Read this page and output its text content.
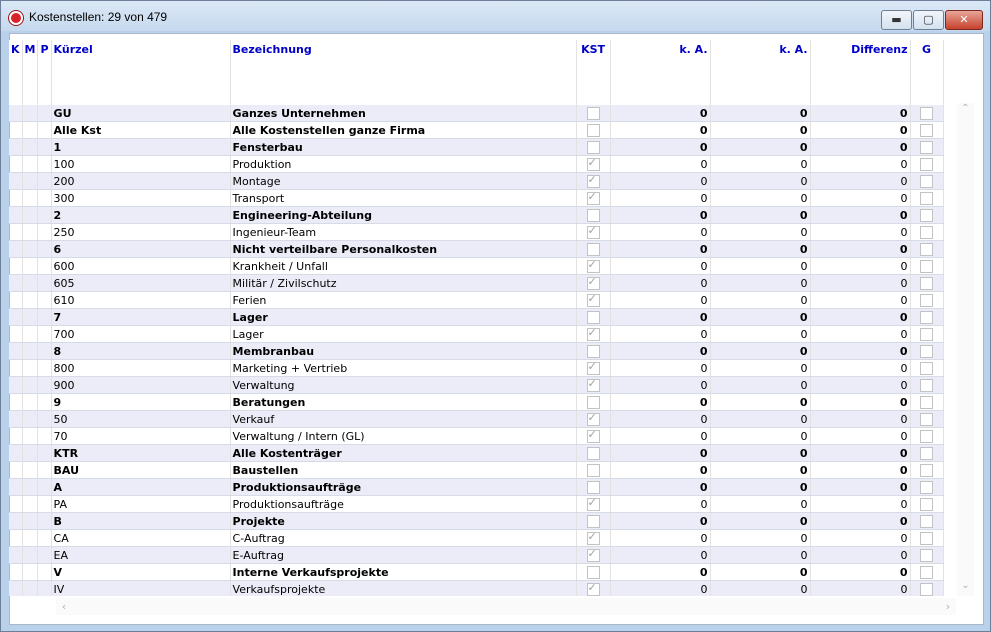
Kostenstellen: 29 von 479	▬	▢	✕
K	M	P	Kürzel	Bezeichnung	KST	k. A.	k. A.	Differenz	G
			GU	Ganzes Unternehmen		0	0	0	
			Alle Kst	Alle Kostenstellen ganze Firma		0	0	0	
			1	Fensterbau		0	0	0	
			100	Produktion	✓	0	0	0	
			200	Montage	✓	0	0	0	
			300	Transport	✓	0	0	0	
			2	Engineering-Abteilung		0	0	0	
			250	Ingenieur-Team	✓	0	0	0	
			6	Nicht verteilbare Personalkosten		0	0	0	
			600	Krankheit / Unfall	✓	0	0	0	
			605	Militär / Zivilschutz	✓	0	0	0	
			610	Ferien	✓	0	0	0	
			7	Lager		0	0	0	
			700	Lager	✓	0	0	0	
			8	Membranbau		0	0	0	
			800	Marketing + Vertrieb	✓	0	0	0	
			900	Verwaltung	✓	0	0	0	
			9	Beratungen		0	0	0	
			50	Verkauf	✓	0	0	0	
			70	Verwaltung / Intern (GL)	✓	0	0	0	
			KTR	Alle Kostenträger		0	0	0	
			BAU	Baustellen		0	0	0	
			A	Produktionsaufträge		0	0	0	
			PA	Produktionsaufträge	✓	0	0	0	
			B	Projekte		0	0	0	
			CA	C-Auftrag	✓	0	0	0	
			EA	E-Auftrag	✓	0	0	0	
			V	Interne Verkaufsprojekte		0	0	0	
			IV	Verkaufsprojekte	✓	0	0	0	
⌃
⌄
‹	›
